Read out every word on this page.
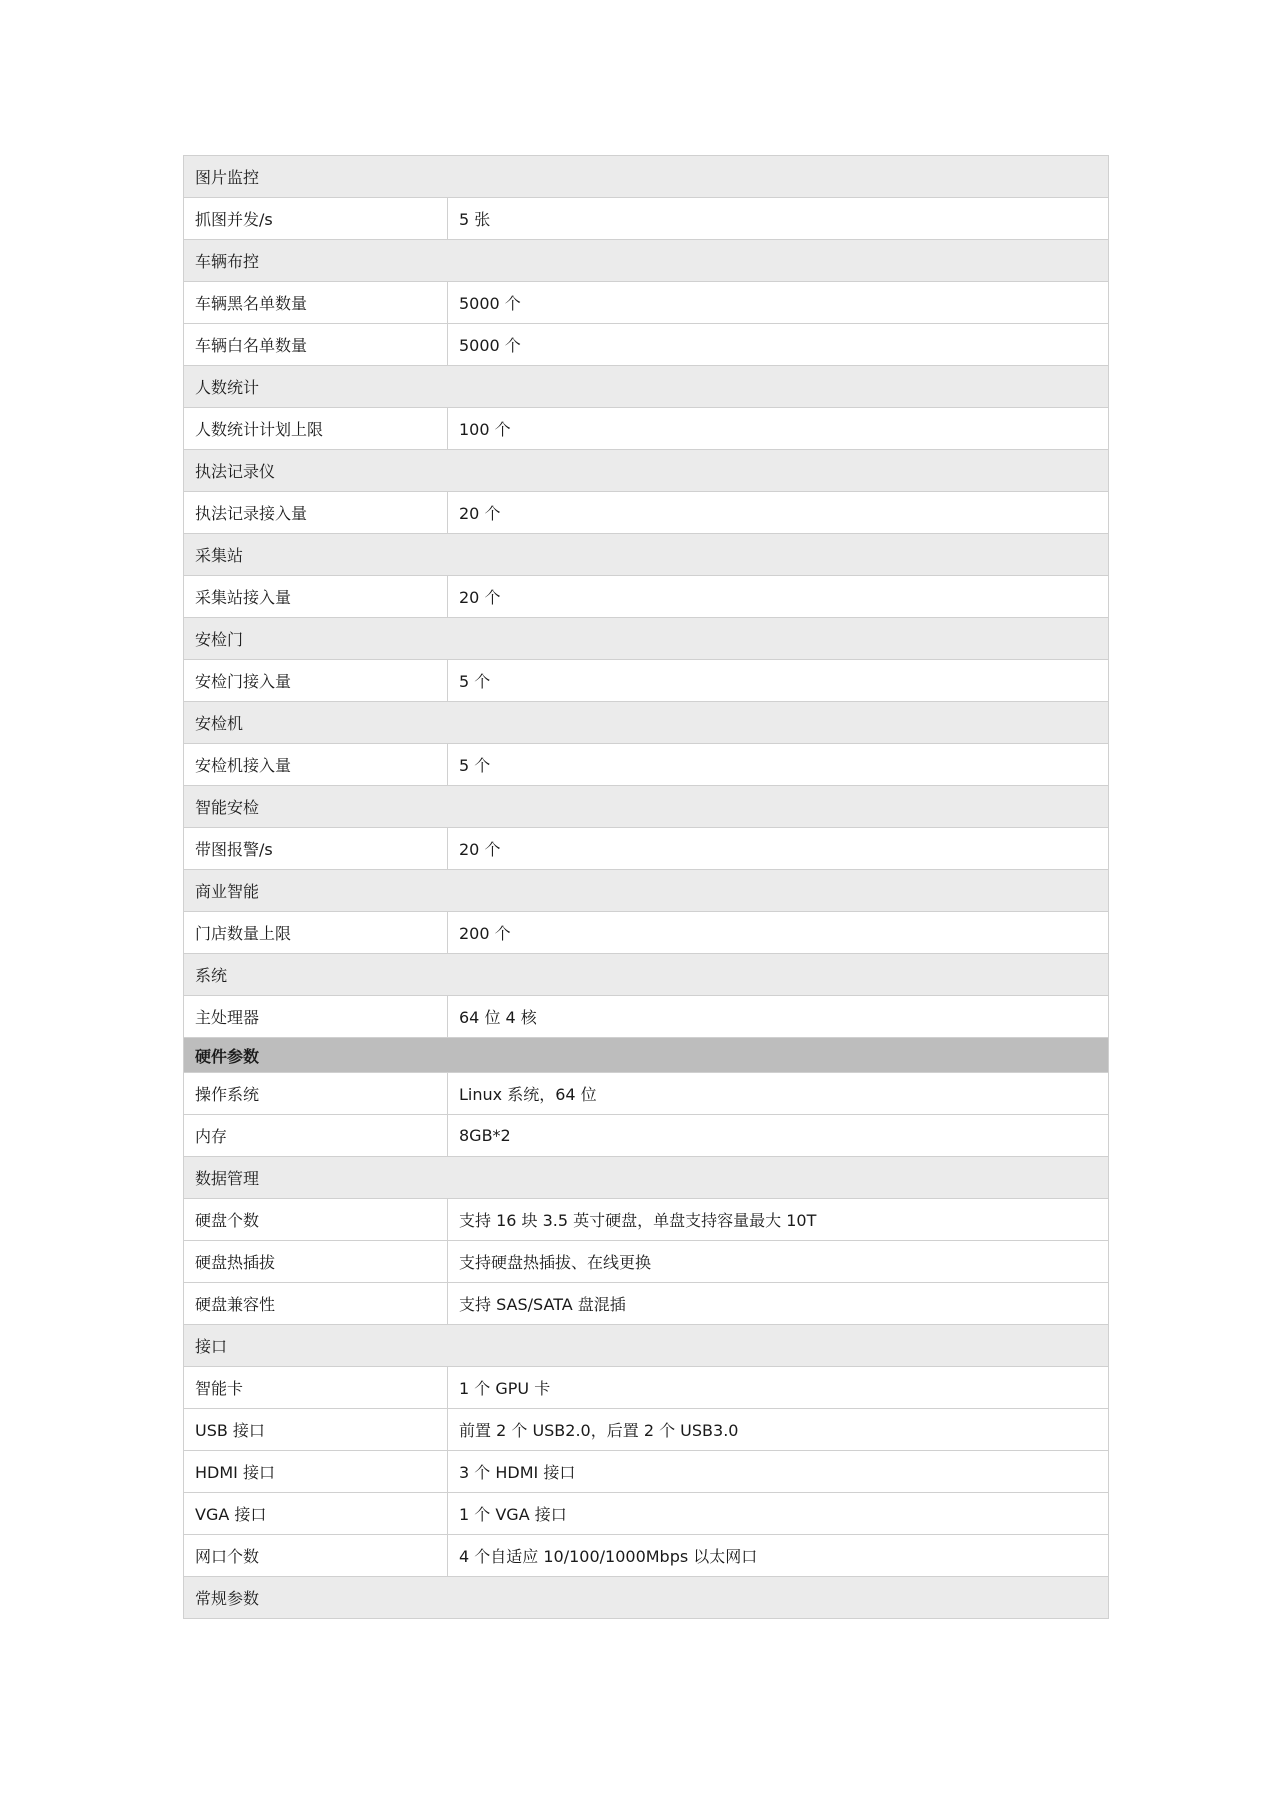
图片监控	
抓图并发/s	5 张
车辆布控	
车辆黑名单数量	5000 个
车辆白名单数量	5000 个
人数统计	
人数统计计划上限	100 个
执法记录仪	
执法记录接入量	20 个
采集站	
采集站接入量	20 个
安检门	
安检门接入量	5 个
安检机	
安检机接入量	5 个
智能安检	
带图报警/s	20 个
商业智能	
门店数量上限	200 个
系统	
主处理器	64 位 4 核
硬件参数	
操作系统	Linux 系统，64 位
内存	8GB*2
数据管理	
硬盘个数	支持 16 块 3.5 英寸硬盘，单盘支持容量最大 10T
硬盘热插拔	支持硬盘热插拔、在线更换
硬盘兼容性	支持 SAS/SATA 盘混插
接口	
智能卡	1 个 GPU 卡
USB 接口	前置 2 个 USB2.0，后置 2 个 USB3.0
HDMI 接口	3 个 HDMI 接口
VGA 接口	1 个 VGA 接口
网口个数	4 个自适应 10/100/1000Mbps 以太网口
常规参数	
